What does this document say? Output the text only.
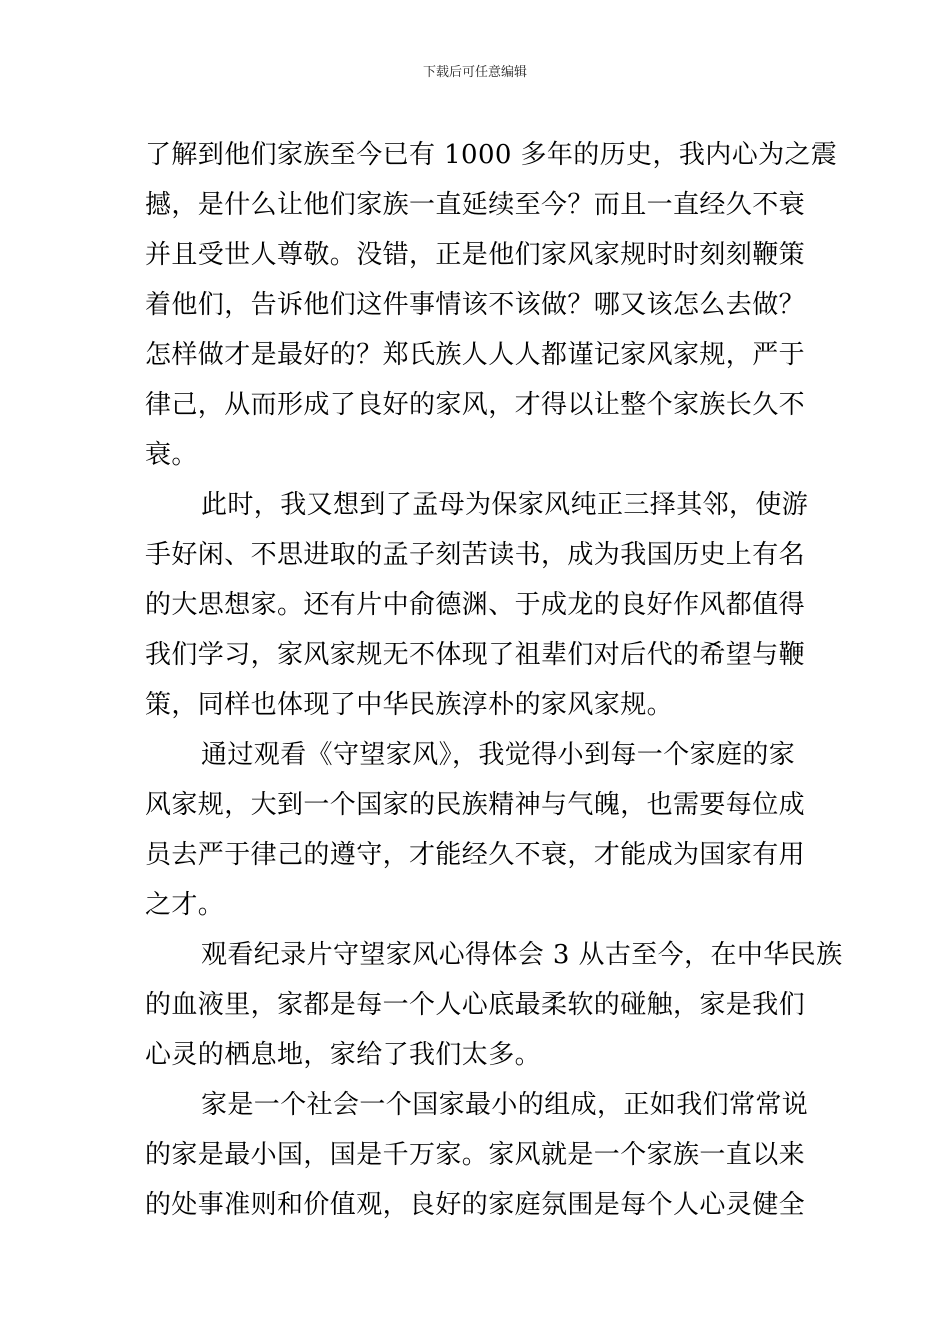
下载后可任意编辑
了解到他们家族至今已有 1000 多年的历史，我内心为之震
撼，是什么让他们家族一直延续至今？而且一直经久不衰
并且受世人尊敬。没错，正是他们家风家规时时刻刻鞭策
着他们，告诉他们这件事情该不该做？哪又该怎么去做？
怎样做才是最好的？郑氏族人人人都谨记家风家规，严于
律己，从而形成了良好的家风，才得以让整个家族长久不
衰。
此时，我又想到了孟母为保家风纯正三择其邻，使游
手好闲、不思进取的孟子刻苦读书，成为我国历史上有名
的大思想家。还有片中俞德渊、于成龙的良好作风都值得
我们学习，家风家规无不体现了祖辈们对后代的希望与鞭
策，同样也体现了中华民族淳朴的家风家规。
通过观看《守望家风》，我觉得小到每一个家庭的家
风家规，大到一个国家的民族精神与气魄，也需要每位成
员去严于律己的遵守，才能经久不衰，才能成为国家有用
之才。
观看纪录片守望家风心得体会 3 从古至今，在中华民族
的血液里，家都是每一个人心底最柔软的碰触，家是我们
心灵的栖息地，家给了我们太多。
家是一个社会一个国家最小的组成，正如我们常常说
的家是最小国，国是千万家。家风就是一个家族一直以来
的处事准则和价值观，良好的家庭氛围是每个人心灵健全
